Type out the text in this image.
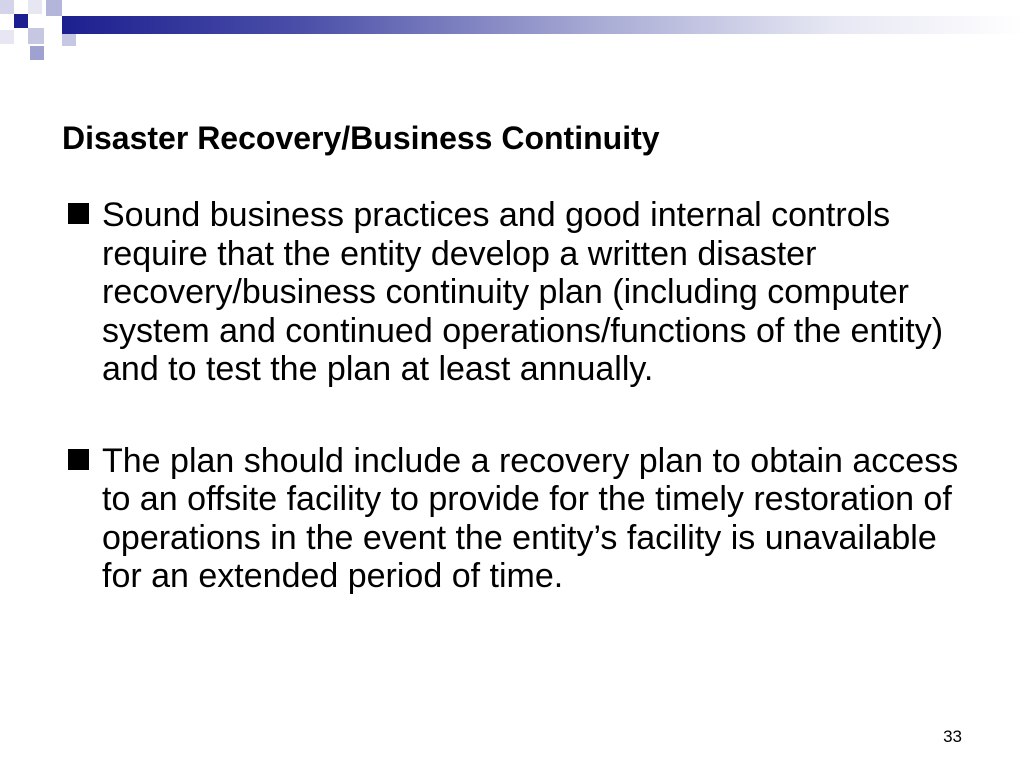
Disaster Recovery/Business Continuity
Sound business practices and good internal controls require that the entity develop a written disaster recovery/business continuity plan (including computer system and continued operations/functions of the entity) and to test the plan at least annually.
The plan should include a recovery plan to obtain access to an offsite facility to provide for the timely restoration of operations in the event the entity’s facility is unavailable for an extended period of time.
33
